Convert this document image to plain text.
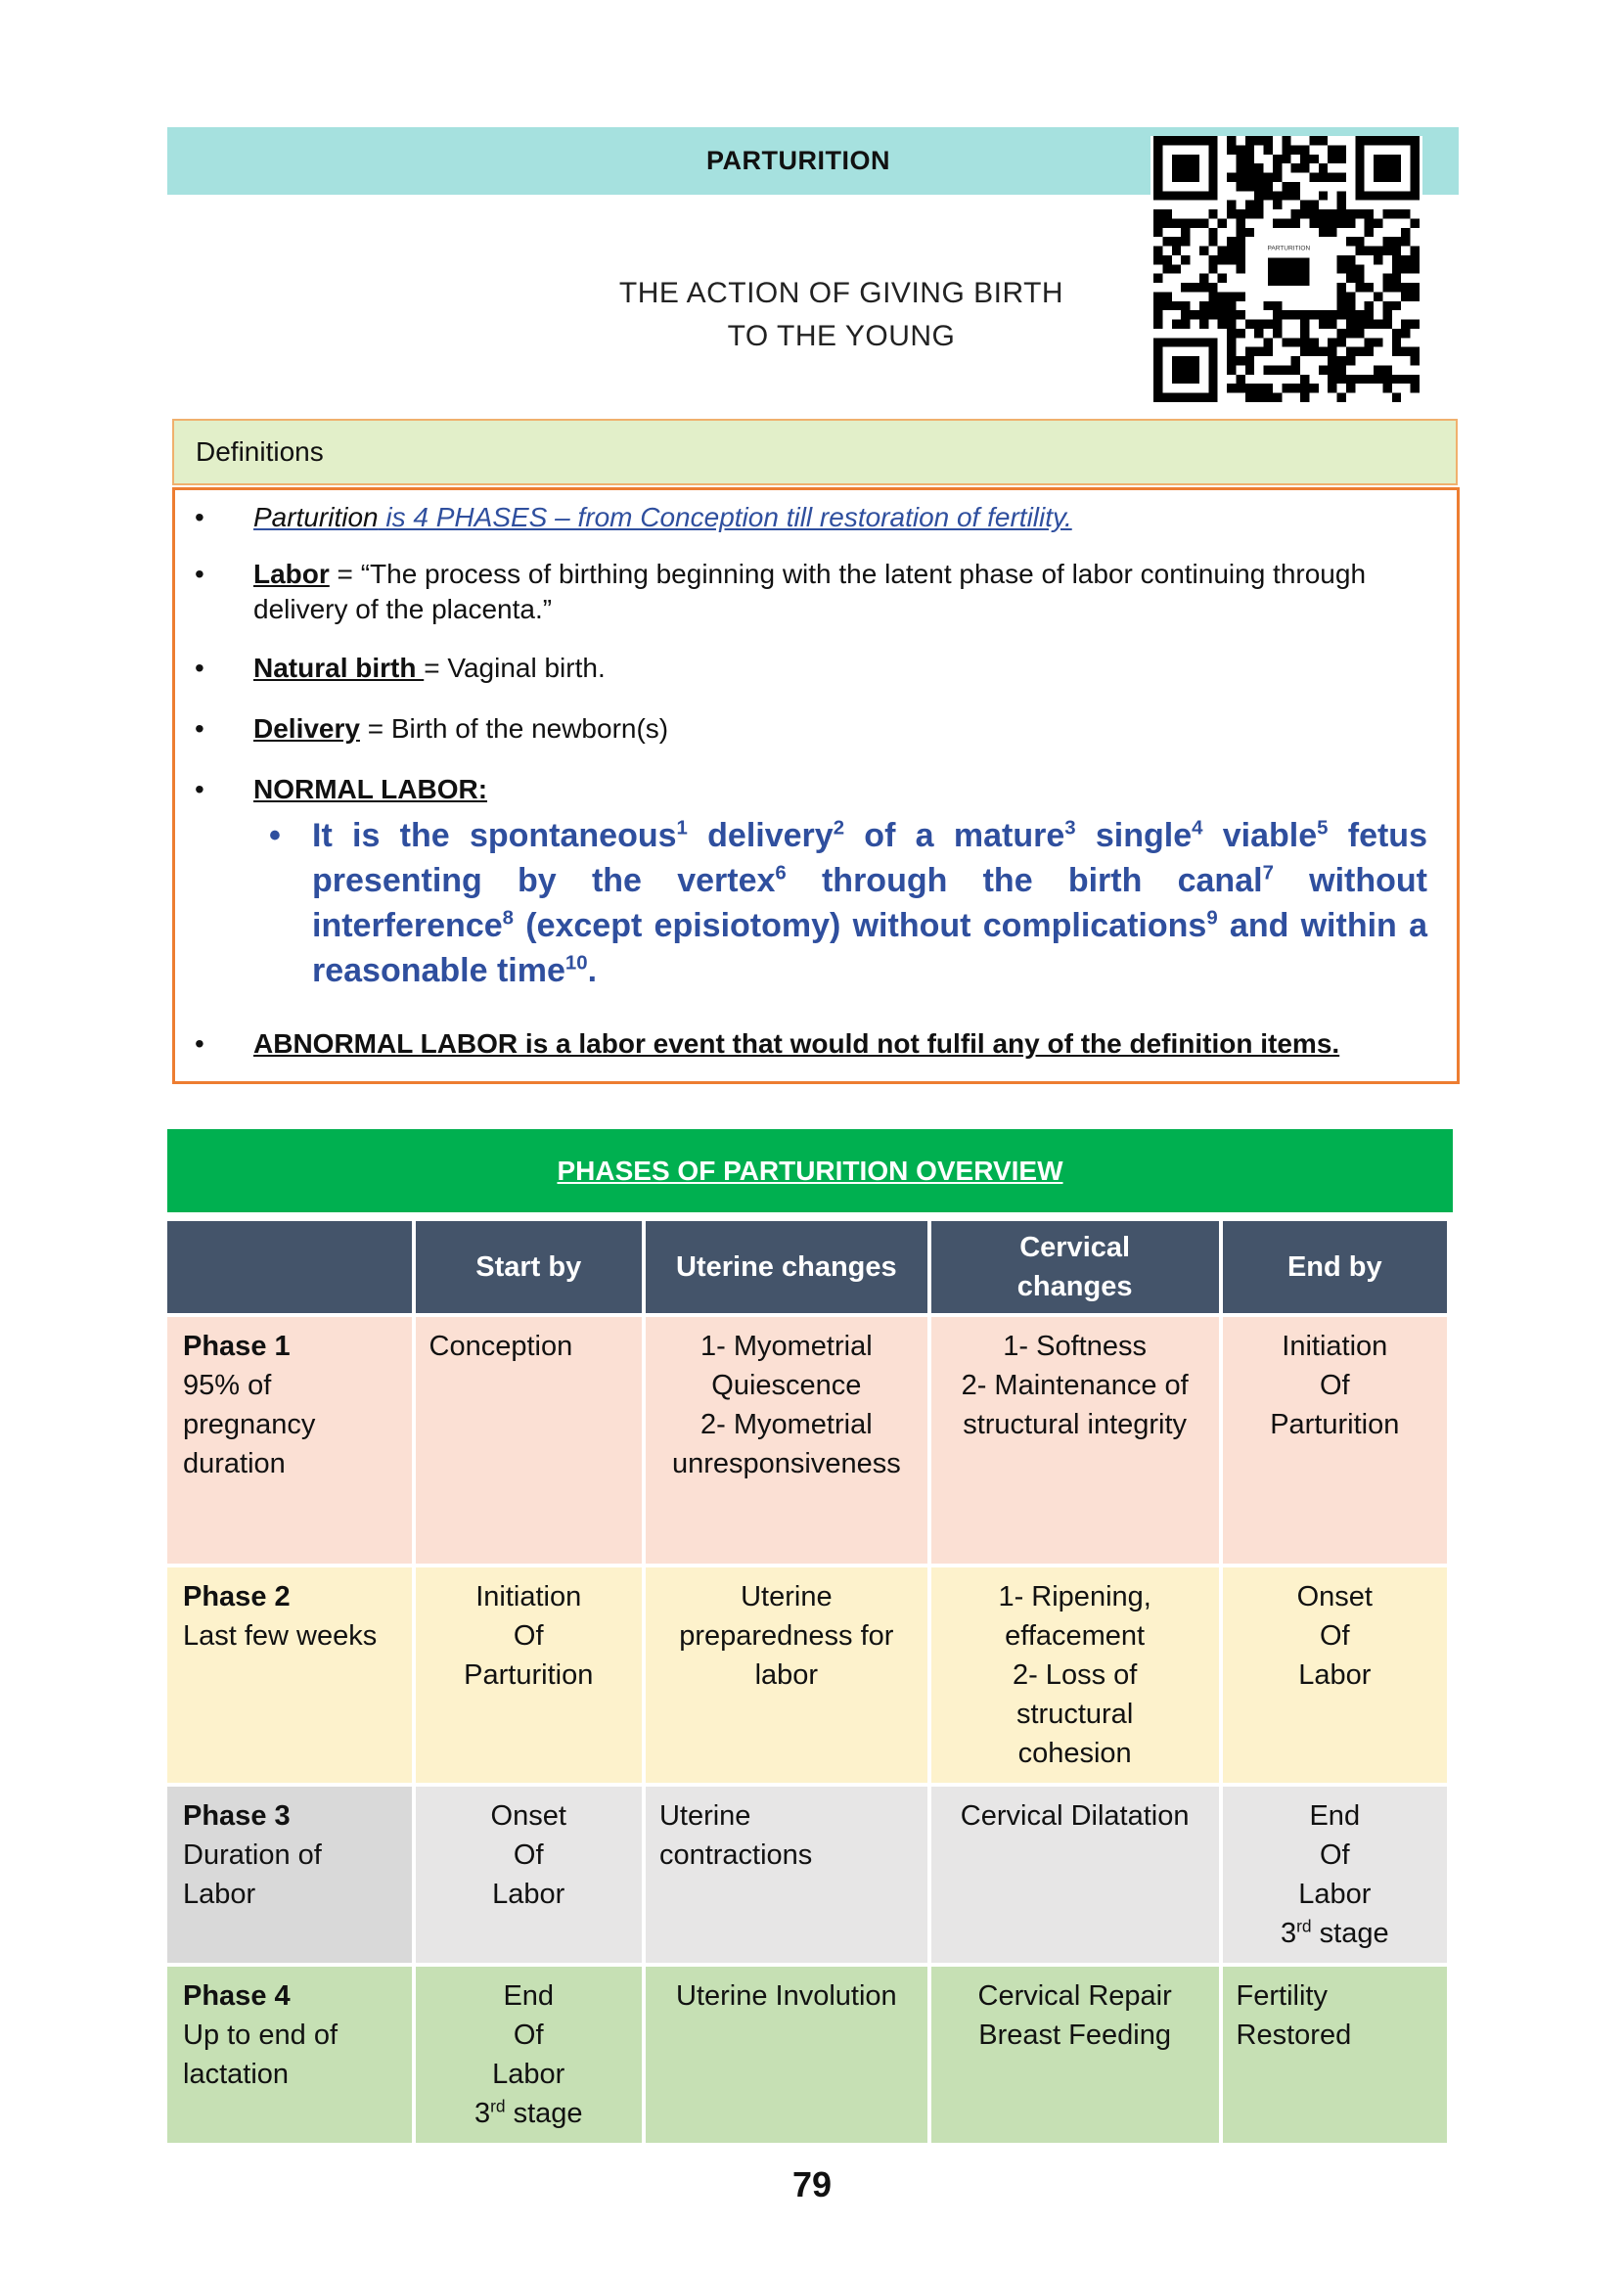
PARTURITION
THE ACTION OF GIVING BIRTH
TO THE YOUNG
Definitions
• Parturition is 4 PHASES – from Conception till restoration of fertility.
• Labor = “The process of birthing beginning with the latent phase of labor continuing through delivery of the placenta.”
• Natural birth = Vaginal birth.
• Delivery = Birth of the newborn(s)
• NORMAL LABOR:
• It is the spontaneous$^1$ delivery$^2$ of a mature$^3$ single$^4$ viable$^5$ fetus presenting by the vertex$^6$ through the birth canal$^7$ without interference$^8$ (except episiotomy) without complications$^9$ and within a reasonable time$^{10}$.
• ABNORMAL LABOR is a labor event that would not fulfil any of the definition items.
PHASES OF PARTURITION OVERVIEW
	Start by	Uterine changes	Cervical changes	End by

Phase 1
95% of
pregnancy
duration	Conception	1- Myometrial
Quiescence
2- Myometrial
unresponsiveness	1- Softness
2- Maintenance of
structural integrity	Initiation
Of
Parturition

Phase 2
Last few weeks	Initiation
Of
Parturition	Uterine
preparedness for
labor	1- Ripening,
effacement
2- Loss of
structural
cohesion	Onset
Of
Labor

Phase 3
Duration of
Labor	Onset
Of
Labor	Uterine
contractions	Cervical Dilatation	End
Of
Labor
3rd stage

Phase 4
Up to end of
lactation	End
Of
Labor
3rd stage	Uterine Involution	Cervical Repair
Breast Feeding	Fertility
Restored
79
